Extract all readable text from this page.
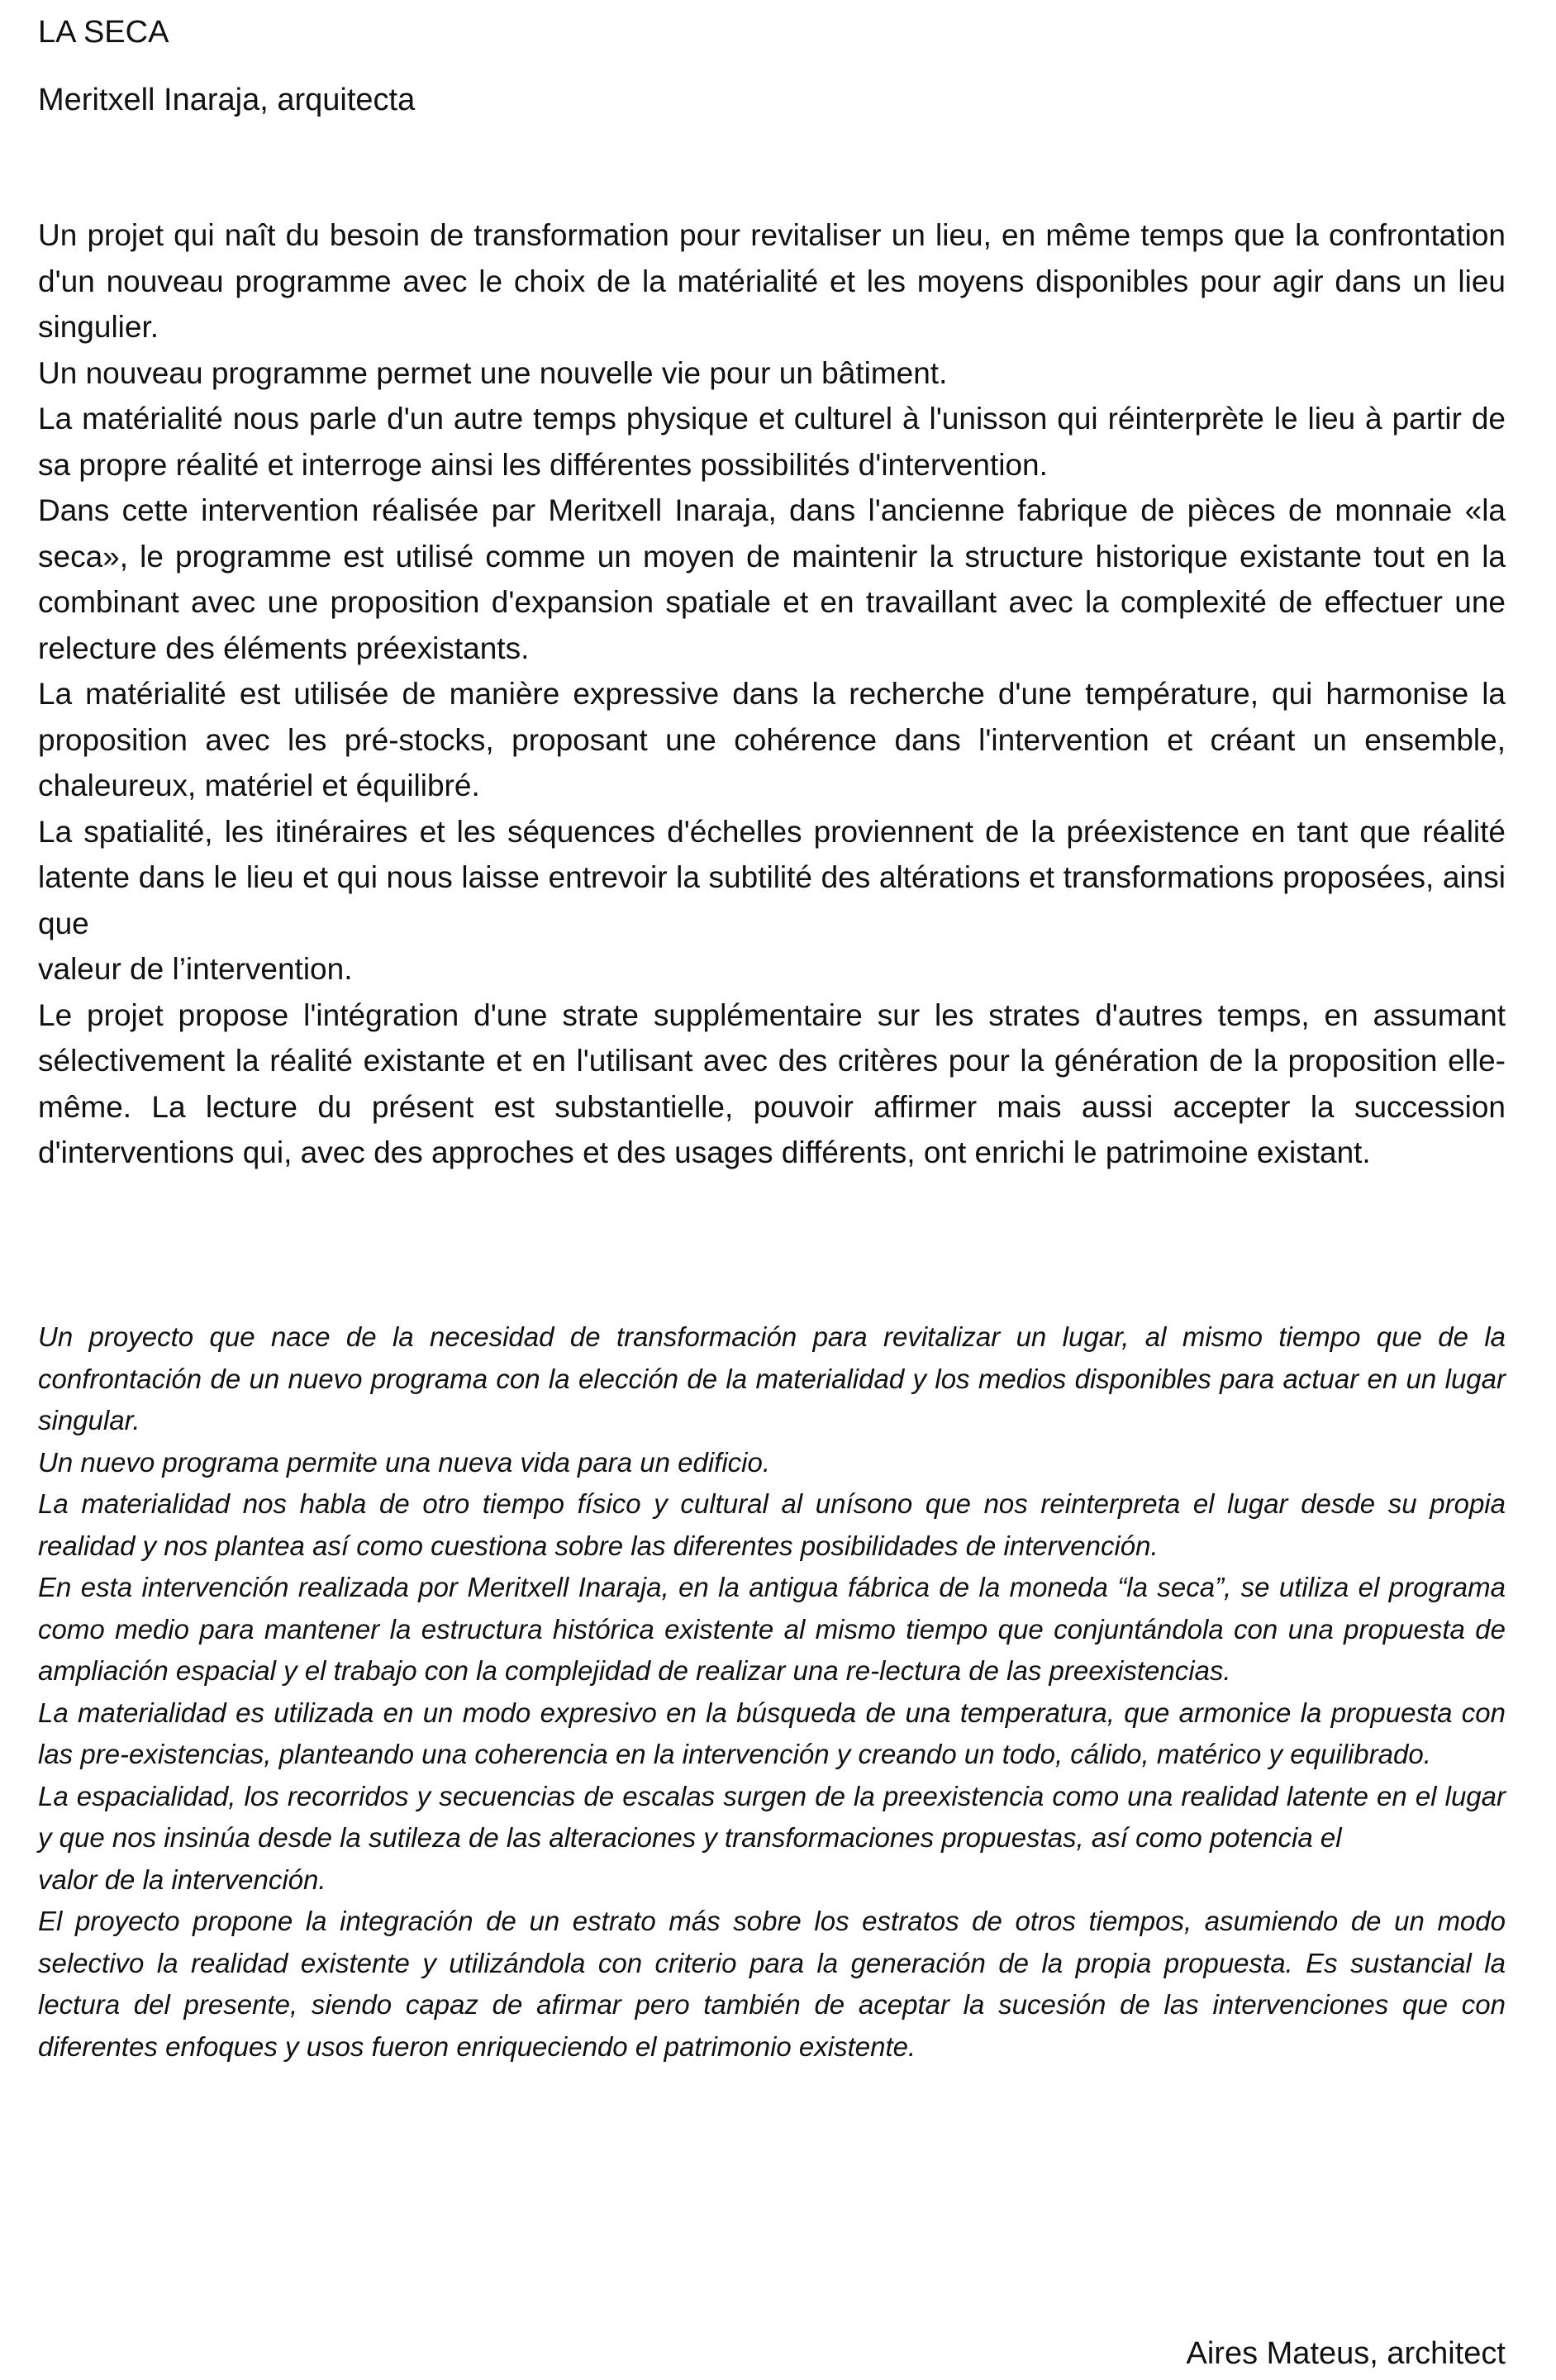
LA SECA

Meritxell Inaraja, arquitecta

Un projet qui naît du besoin de transformation pour revitaliser un lieu, en même temps que la confrontation d'un nouveau programme avec le choix de la matérialité et les moyens disponibles pour agir dans un lieu singulier.

Un nouveau programme permet une nouvelle vie pour un bâtiment.

La matérialité nous parle d'un autre temps physique et culturel à l'unisson qui réinterprète le lieu à partir de sa propre réalité et interroge ainsi les différentes possibilités d'intervention.

Dans cette intervention réalisée par Meritxell Inaraja, dans l'ancienne fabrique de pièces de monnaie «la seca», le programme est utilisé comme un moyen de maintenir la structure historique existante tout en la combinant avec une proposition d'expansion spatiale et en travaillant avec la complexité de effectuer une relecture des éléments préexistants.

La matérialité est utilisée de manière expressive dans la recherche d'une température, qui harmonise la proposition avec les pré-stocks, proposant une cohérence dans l'intervention et créant un ensemble, chaleureux, matériel et équilibré.

La spatialité, les itinéraires et les séquences d'échelles proviennent de la préexistence en tant que réalité latente dans le lieu et qui nous laisse entrevoir la subtilité des altérations et transformations proposées, ainsi que

valeur de l’intervention.

Le projet propose l'intégration d'une strate supplémentaire sur les strates d'autres temps, en assumant sélectivement la réalité existante et en l'utilisant avec des critères pour la génération de la proposition elle-même. La lecture du présent est substantielle, pouvoir affirmer mais aussi accepter la succession d'interventions qui, avec des approches et des usages différents, ont enrichi le patrimoine existant.

Un proyecto que nace de la necesidad de transformación para revitalizar un lugar, al mismo tiempo que de la confrontación de un nuevo programa con la elección de la materialidad y los medios disponibles para actuar en un lugar singular.

Un nuevo programa permite una nueva vida para un edificio.

La materialidad nos habla de otro tiempo físico y cultural al unísono que nos reinterpreta el lugar desde su propia realidad y nos plantea así como cuestiona sobre las diferentes posibilidades de intervención.

En esta intervención realizada por Meritxell Inaraja, en la antigua fábrica de la moneda “la seca”, se utiliza el programa como medio para mantener la estructura histórica existente al mismo tiempo que conjuntándola con una propuesta de ampliación espacial y el trabajo con la complejidad de realizar una re-lectura de las preexistencias.

La materialidad es utilizada en un modo expresivo en la búsqueda de una temperatura, que armonice la propuesta con las pre-existencias, planteando una coherencia en la intervención y creando un todo, cálido, matérico y equilibrado.

La espacialidad, los recorridos y secuencias de escalas surgen de la preexistencia como una realidad latente en el lugar y que nos insinúa desde la sutileza de las alteraciones y transformaciones propuestas, así como potencia el

valor de la intervención.

El proyecto propone la integración de un estrato más sobre los estratos de otros tiempos, asumiendo de un modo selectivo la realidad existente y utilizándola con criterio para la generación de la propia propuesta. Es sustancial la lectura del presente, siendo capaz de afirmar pero también de aceptar la sucesión de las intervenciones que con diferentes enfoques y usos fueron enriqueciendo el patrimonio existente.

Aires Mateus, architect
